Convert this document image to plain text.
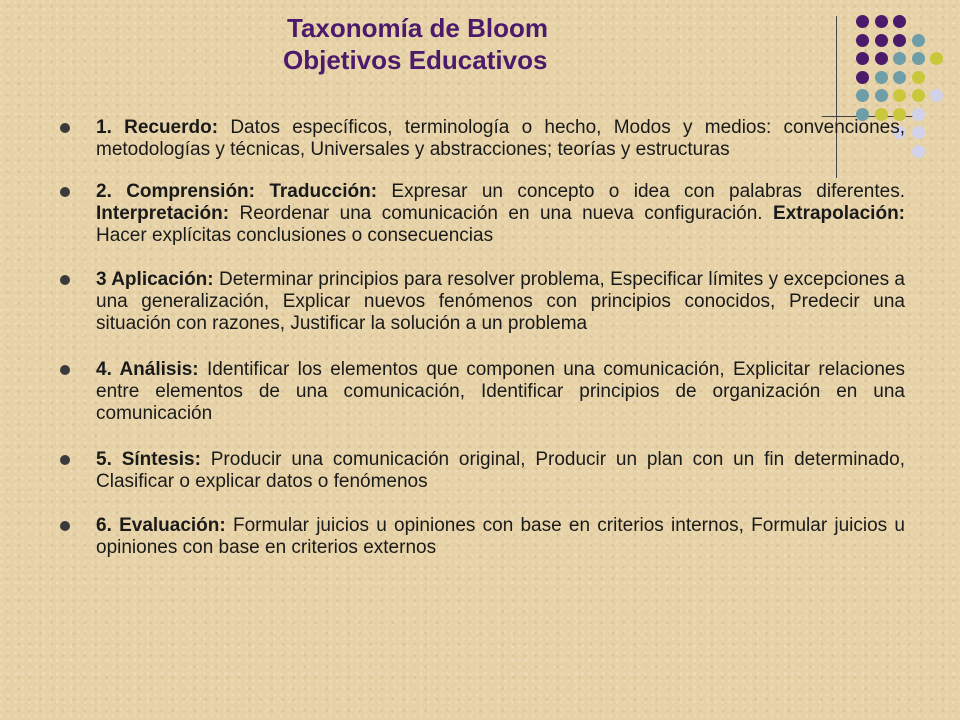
Taxonomía de Bloom
Objetivos Educativos
1. Recuerdo: Datos específicos, terminología o hecho, Modos y medios: convenciones, metodologías y técnicas, Universales y abstracciones; teorías y estructuras
2. Comprensión: Traducción: Expresar un concepto o idea con palabras diferentes. Interpretación: Reordenar una comunicación en una nueva configuración. Extrapolación: Hacer explícitas conclusiones o consecuencias
3 Aplicación: Determinar principios para resolver problema, Especificar límites y excepciones a una generalización, Explicar nuevos fenómenos con principios conocidos, Predecir una situación con razones, Justificar la solución a un problema
4. Análisis: Identificar los elementos que componen una comunicación, Explicitar relaciones entre elementos de una comunicación, Identificar principios de organización en una comunicación
5. Síntesis: Producir una comunicación original, Producir un plan con un fin determinado, Clasificar o explicar datos o fenómenos
6. Evaluación: Formular juicios u opiniones con base en criterios internos, Formular juicios u opiniones con base en criterios externos
